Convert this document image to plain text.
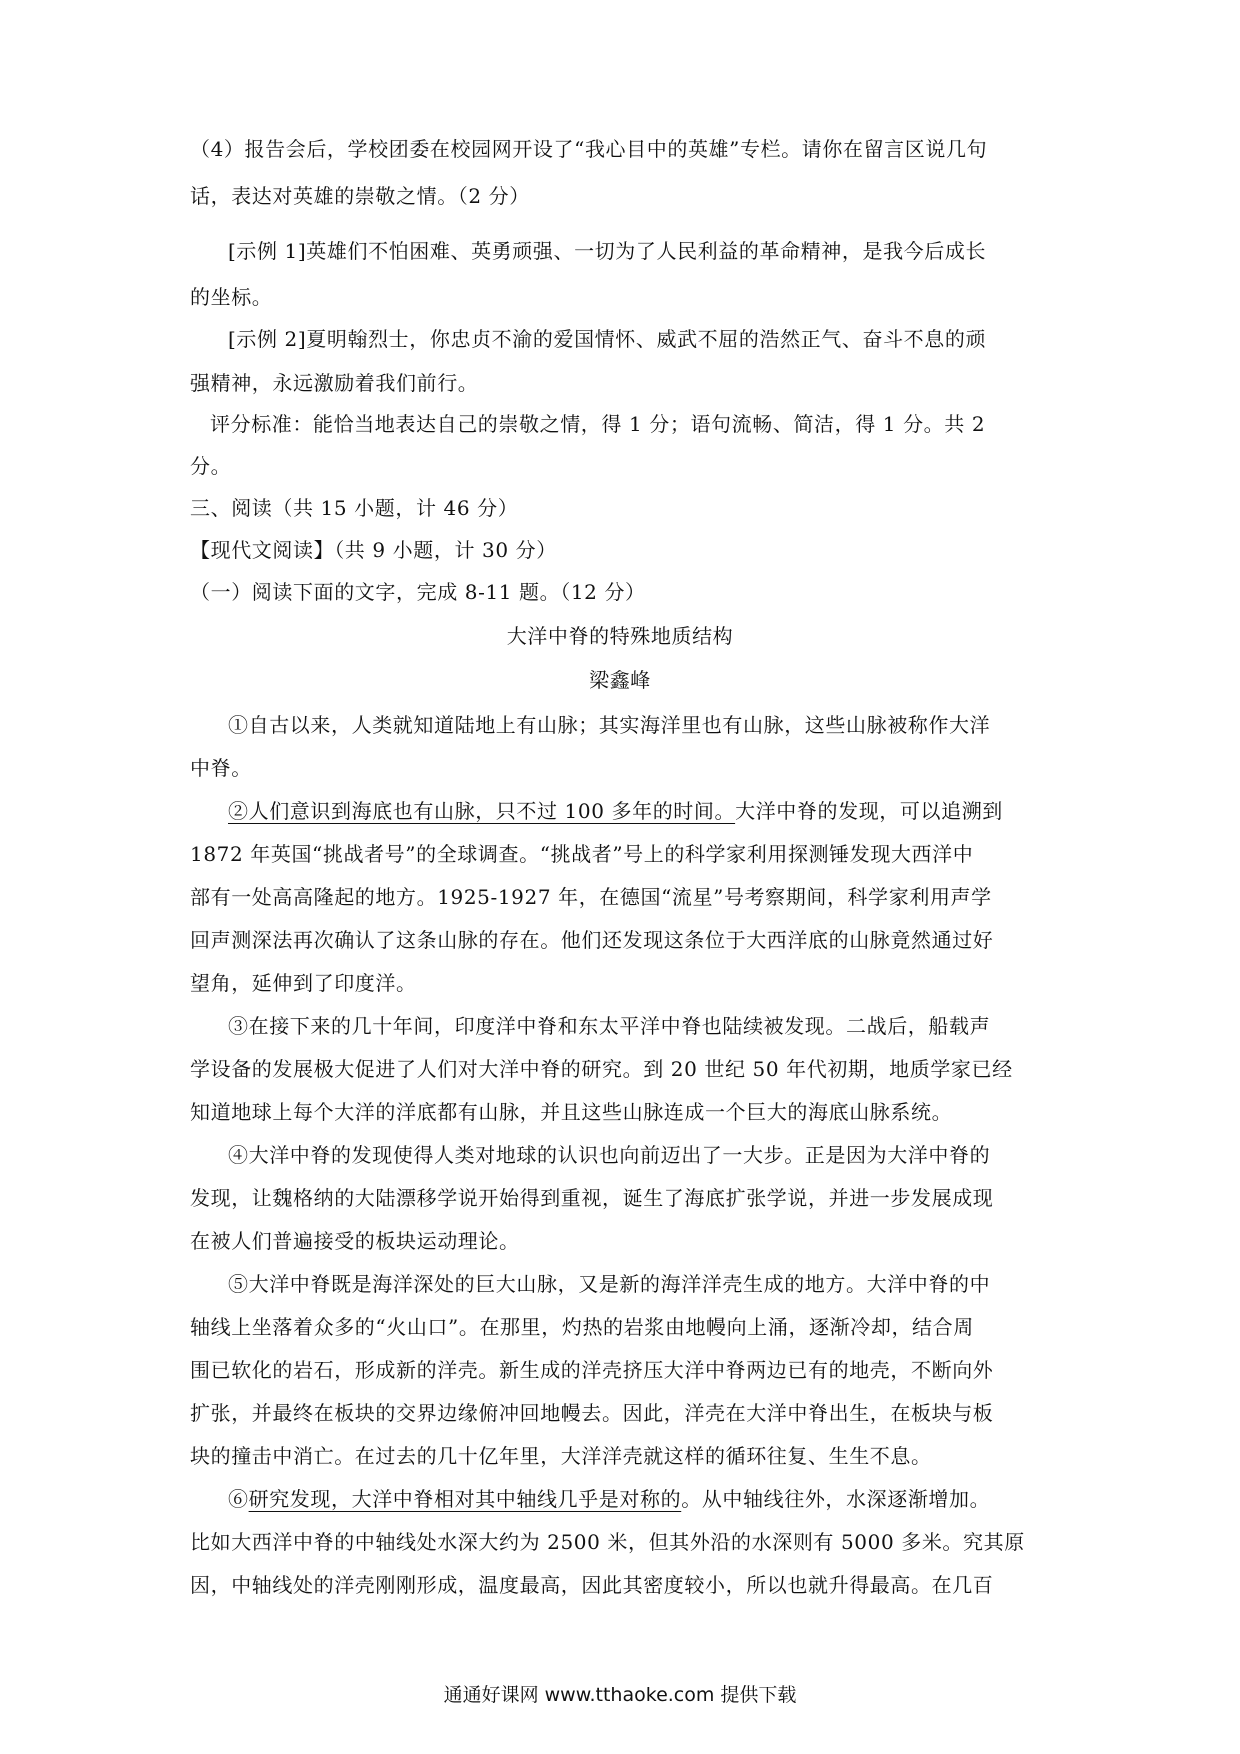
（4）报告会后，学校团委在校园网开设了“我心目中的英雄”专栏。请你在留言区说几句
话，表达对英雄的崇敬之情。（2 分）
[示例 1]英雄们不怕困难、英勇顽强、一切为了人民利益的革命精神，是我今后成长
的坐标。
[示例 2]夏明翰烈士，你忠贞不渝的爱国情怀、威武不屈的浩然正气、奋斗不息的顽
强精神，永远激励着我们前行。
评分标准：能恰当地表达自己的崇敬之情，得 1 分；语句流畅、简洁，得 1 分。共 2
分。
三、阅读（共 15 小题，计 46 分）
【现代文阅读】（共 9 小题，计 30 分）
（一）阅读下面的文字，完成 8-11 题。（12 分）
大洋中脊的特殊地质结构
梁鑫峰
①自古以来，人类就知道陆地上有山脉；其实海洋里也有山脉，这些山脉被称作大洋
中脊。
②人们意识到海底也有山脉，只不过 100 多年的时间。大洋中脊的发现，可以追溯到
1872 年英国“挑战者号”的全球调查。“挑战者”号上的科学家利用探测锤发现大西洋中
部有一处高高隆起的地方。1925-1927 年，在德国“流星”号考察期间，科学家利用声学
回声测深法再次确认了这条山脉的存在。他们还发现这条位于大西洋底的山脉竟然通过好
望角，延伸到了印度洋。
③在接下来的几十年间，印度洋中脊和东太平洋中脊也陆续被发现。二战后，船载声
学设备的发展极大促进了人们对大洋中脊的研究。到 20 世纪 50 年代初期，地质学家已经
知道地球上每个大洋的洋底都有山脉，并且这些山脉连成一个巨大的海底山脉系统。
④大洋中脊的发现使得人类对地球的认识也向前迈出了一大步。正是因为大洋中脊的
发现，让魏格纳的大陆漂移学说开始得到重视，诞生了海底扩张学说，并进一步发展成现
在被人们普遍接受的板块运动理论。
⑤大洋中脊既是海洋深处的巨大山脉，又是新的海洋洋壳生成的地方。大洋中脊的中
轴线上坐落着众多的“火山口”。在那里，灼热的岩浆由地幔向上涌，逐渐冷却，结合周
围已软化的岩石，形成新的洋壳。新生成的洋壳挤压大洋中脊两边已有的地壳，不断向外
扩张，并最终在板块的交界边缘俯冲回地幔去。因此，洋壳在大洋中脊出生，在板块与板
块的撞击中消亡。在过去的几十亿年里，大洋洋壳就这样的循环往复、生生不息。
⑥研究发现，大洋中脊相对其中轴线几乎是对称的。从中轴线往外，水深逐渐增加。
比如大西洋中脊的中轴线处水深大约为 2500 米，但其外沿的水深则有 5000 多米。究其原
因，中轴线处的洋壳刚刚形成，温度最高，因此其密度较小，所以也就升得最高。在几百
通通好课网 www.tthaoke.com 提供下载
